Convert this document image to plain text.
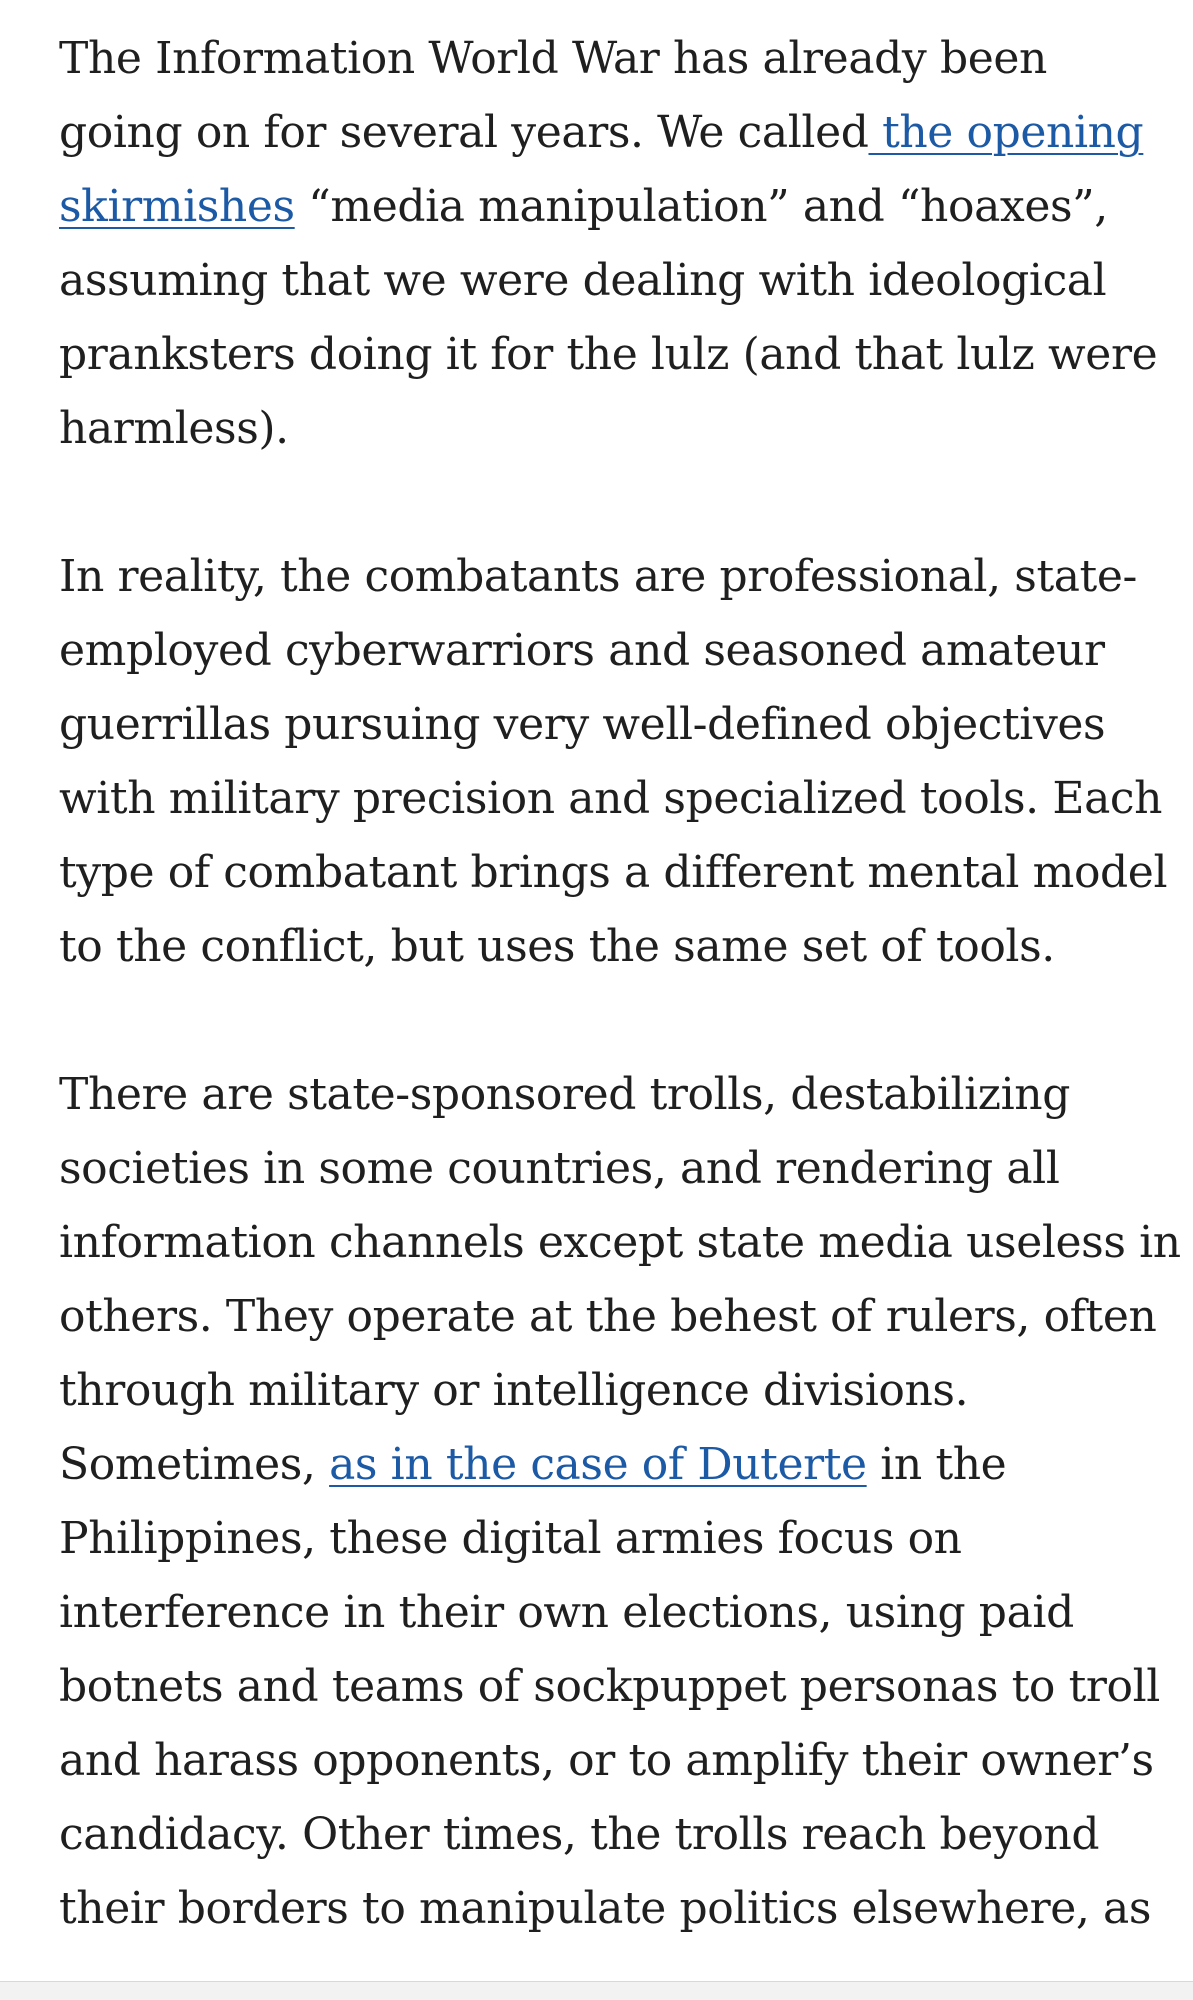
The Information World War has already been
going on for several years. We called the opening
skirmishes “media manipulation” and “hoaxes”,
assuming that we were dealing with ideological
pranksters doing it for the lulz (and that lulz were
harmless).

In reality, the combatants are professional, state-
employed cyberwarriors and seasoned amateur
guerrillas pursuing very well-defined objectives
with military precision and specialized tools. Each
type of combatant brings a different mental model
to the conflict, but uses the same set of tools.

There are state-sponsored trolls, destabilizing
societies in some countries, and rendering all
information channels except state media useless in
others. They operate at the behest of rulers, often
through military or intelligence divisions.
Sometimes, as in the case of Duterte in the
Philippines, these digital armies focus on
interference in their own elections, using paid
botnets and teams of sockpuppet personas to troll
and harass opponents, or to amplify their owner’s
candidacy. Other times, the trolls reach beyond
their borders to manipulate politics elsewhere, as
